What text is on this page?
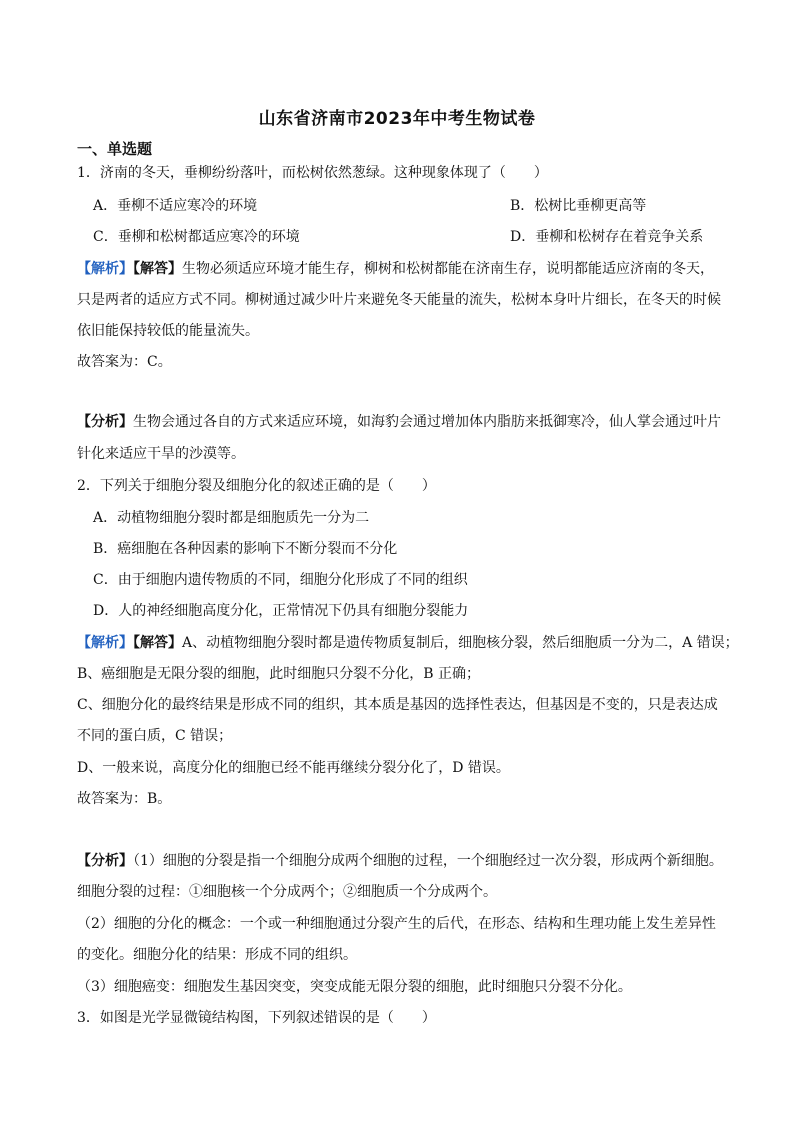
山东省济南市2023年中考生物试卷
一、单选题
1．济南的冬天，垂柳纷纷落叶，而松树依然葱绿。这种现象体现了（　　）
A．垂柳不适应寒冷的环境	B．松树比垂柳更高等
C．垂柳和松树都适应寒冷的环境	D．垂柳和松树存在着竞争关系
【解析】【解答】生物必须适应环境才能生存，柳树和松树都能在济南生存，说明都能适应济南的冬天，
只是两者的适应方式不同。柳树通过减少叶片来避免冬天能量的流失，松树本身叶片细长，在冬天的时候
依旧能保持较低的能量流失。
故答案为：C。
【分析】生物会通过各自的方式来适应环境，如海豹会通过增加体内脂肪来抵御寒冷，仙人掌会通过叶片
针化来适应干旱的沙漠等。
2．下列关于细胞分裂及细胞分化的叙述正确的是（　　）
A．动植物细胞分裂时都是细胞质先一分为二
B．癌细胞在各种因素的影响下不断分裂而不分化
C．由于细胞内遗传物质的不同，细胞分化形成了不同的组织
D．人的神经细胞高度分化，正常情况下仍具有细胞分裂能力
【解析】【解答】A、动植物细胞分裂时都是遗传物质复制后，细胞核分裂，然后细胞质一分为二，A 错误；
B、癌细胞是无限分裂的细胞，此时细胞只分裂不分化，B 正确；
C、细胞分化的最终结果是形成不同的组织，其本质是基因的选择性表达，但基因是不变的，只是表达成
不同的蛋白质，C 错误；
D、一般来说，高度分化的细胞已经不能再继续分裂分化了，D 错误。
故答案为：B。
【分析】（1）细胞的分裂是指一个细胞分成两个细胞的过程，一个细胞经过一次分裂，形成两个新细胞。
细胞分裂的过程：①细胞核一个分成两个；②细胞质一个分成两个。
（2）细胞的分化的概念：一个或一种细胞通过分裂产生的后代，在形态、结构和生理功能上发生差异性
的变化。细胞分化的结果：形成不同的组织。
（3）细胞癌变：细胞发生基因突变，突变成能无限分裂的细胞，此时细胞只分裂不分化。
3．如图是光学显微镜结构图，下列叙述错误的是（　　）
